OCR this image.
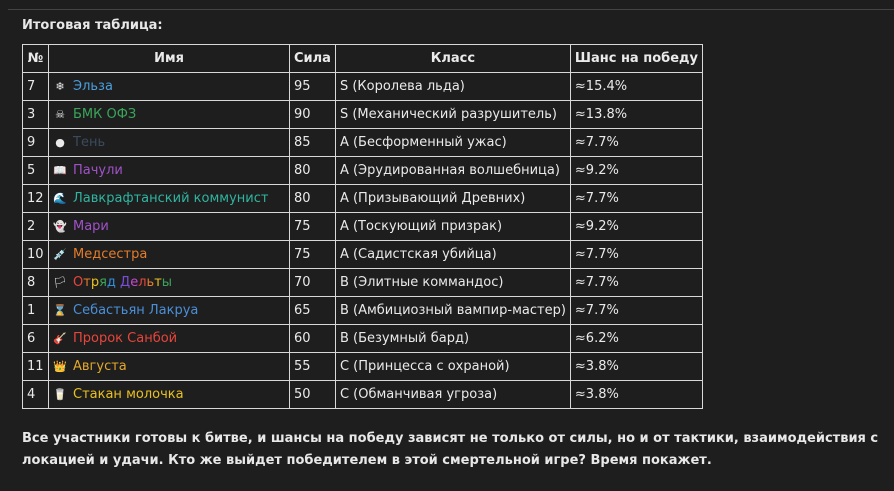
Итоговая таблица:
№	Имя	Сила	Класс	Шанс на победу
7	❄ Эльза	95	S (Королева льда)	≈15.4%
3	☠ БМК ОФЗ	90	S (Механический разрушитель)	≈13.8%
9	● Тень	85	A (Бесформенный ужас)	≈7.7%
5	📖 Пачули	80	A (Эрудированная волшебница)	≈9.2%
12	🌊 Лавкрафтанский коммунист	80	A (Призывающий Древних)	≈7.7%
2	👻 Мари	75	A (Тоскующий призрак)	≈9.2%
10	💉 Медсестра	75	A (Садистская убийца)	≈7.7%
8	🏳 Отряд Дельты	70	B (Элитные коммандос)	≈7.7%
1	⌛ Себастьян Лакруа	65	B (Амбициозный вампир-мастер)	≈7.7%
6	🎸 Пророк Санбой	60	B (Безумный бард)	≈6.2%
11	👑 Августа	55	C (Принцесса с охраной)	≈3.8%
4	🥛 Стакан молочка	50	C (Обманчивая угроза)	≈3.8%
Все участники готовы к битве, и шансы на победу зависят не только от силы, но и от тактики, взаимодействия с локацией и удачи. Кто же выйдет победителем в этой смертельной игре? Время покажет.
